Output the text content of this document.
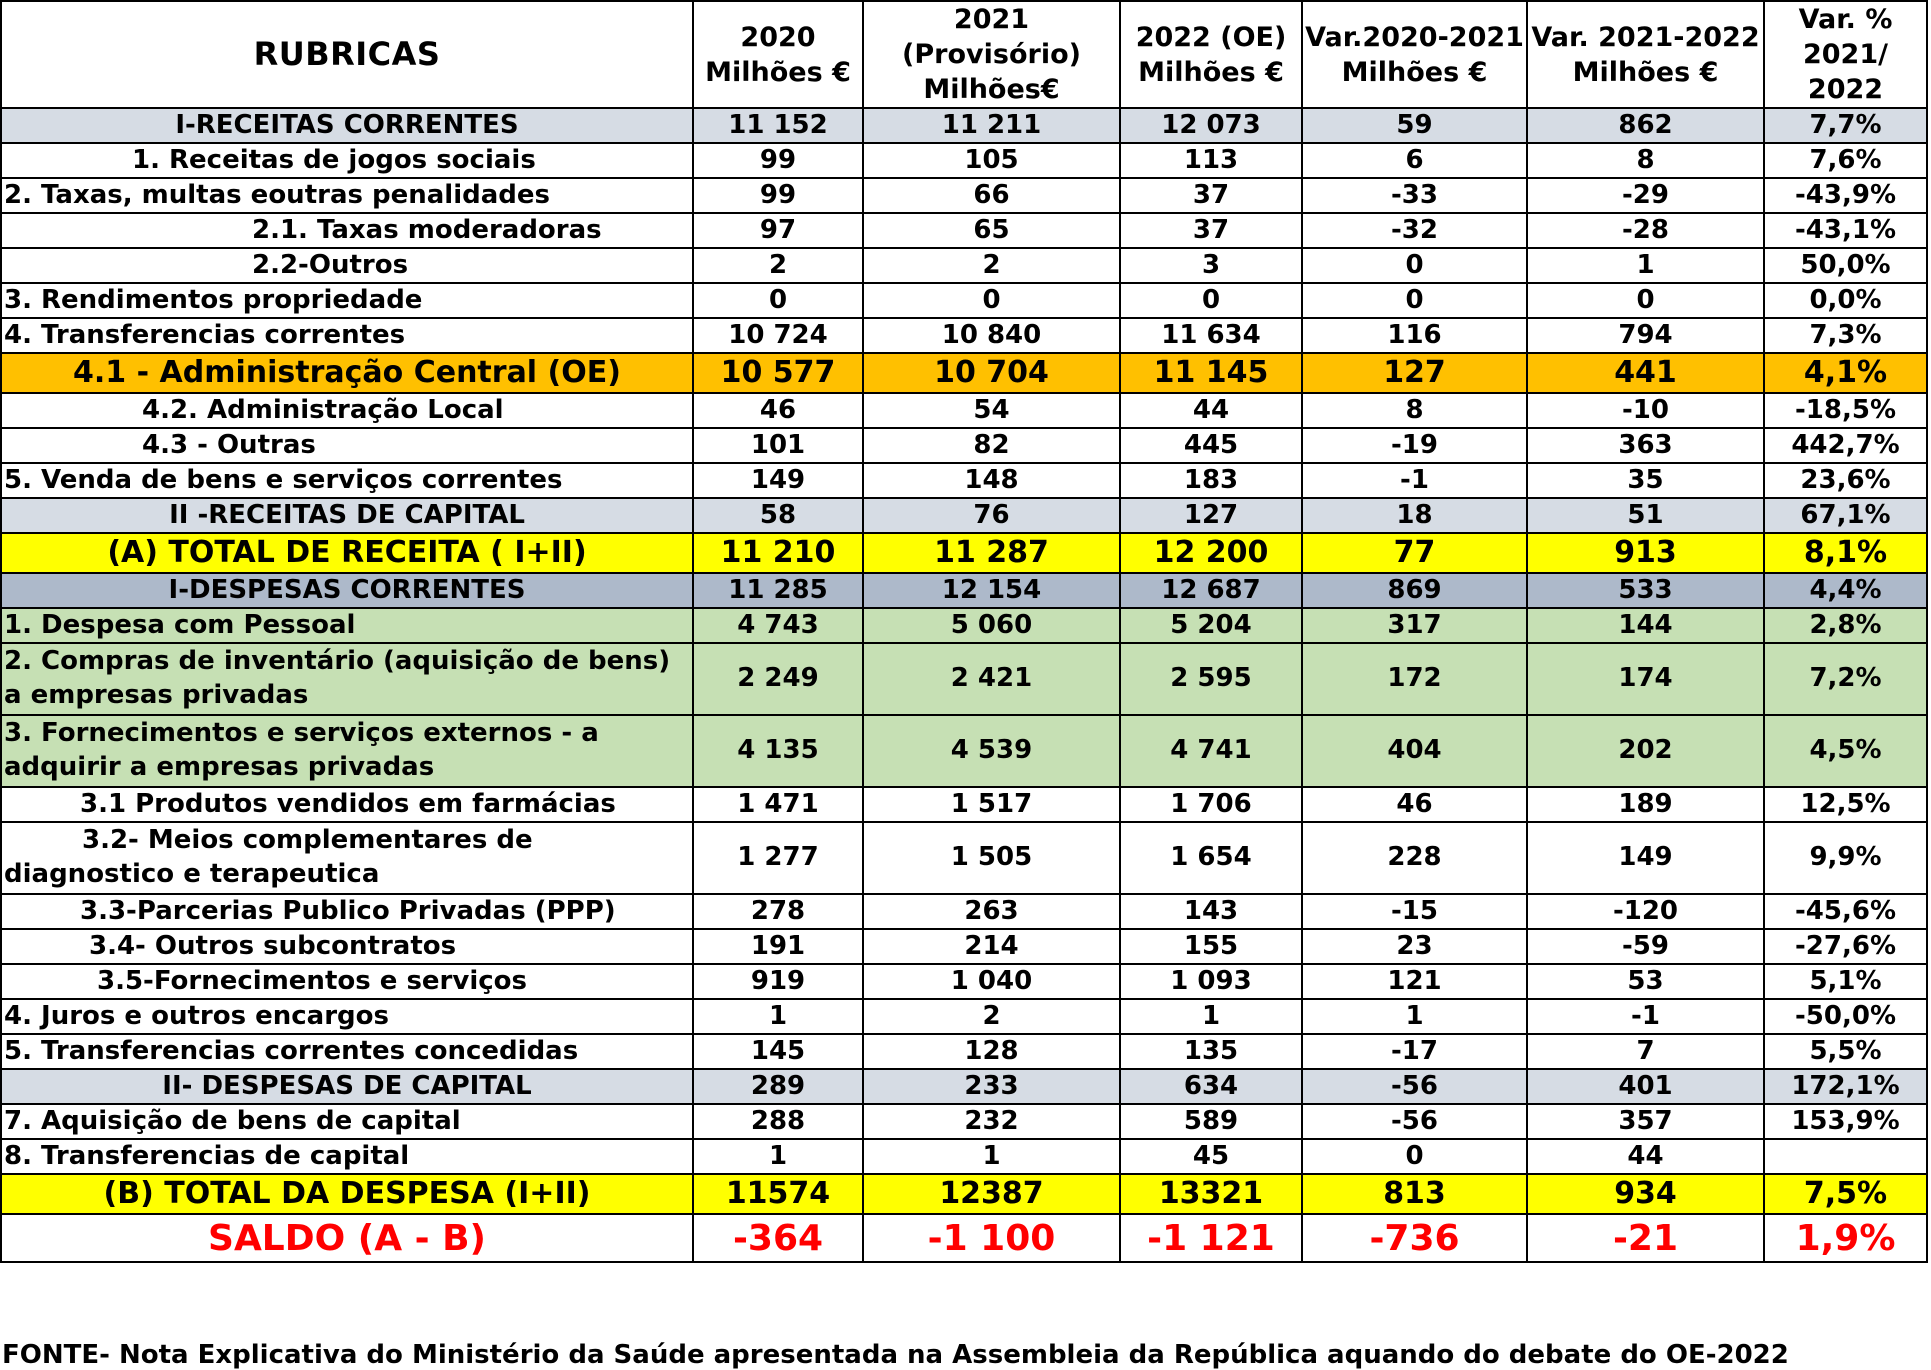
RUBRICAS	2020 Milhões €	2021 (Provisório) Milhões€	2022 (OE) Milhões €	Var.2020-2021 Milhões €	Var. 2021-2022 Milhões €	Var. % 2021/ 2022
I-RECEITAS CORRENTES	11 152	11 211	12 073	59	862	7,7%
1. Receitas de jogos sociais	99	105	113	6	8	7,6%
2. Taxas, multas eoutras penalidades	99	66	37	-33	-29	-43,9%
2.1. Taxas moderadoras	97	65	37	-32	-28	-43,1%
2.2-Outros	2	2	3	0	1	50,0%
3. Rendimentos propriedade	0	0	0	0	0	0,0%
4. Transferencias correntes	10 724	10 840	11 634	116	794	7,3%
4.1 - Administração Central (OE)	10 577	10 704	11 145	127	441	4,1%
4.2. Administração Local	46	54	44	8	-10	-18,5%
4.3 - Outras	101	82	445	-19	363	442,7%
5. Venda de bens e serviços correntes	149	148	183	-1	35	23,6%
II -RECEITAS DE CAPITAL	58	76	127	18	51	67,1%
(A) TOTAL DE RECEITA ( I+II)	11 210	11 287	12 200	77	913	8,1%
I-DESPESAS CORRENTES	11 285	12 154	12 687	869	533	4,4%
1. Despesa com Pessoal	4 743	5 060	5 204	317	144	2,8%
2. Compras de inventário (aquisição de bens) a empresas privadas	2 249	2 421	2 595	172	174	7,2%
3. Fornecimentos e serviços externos - a adquirir a empresas privadas	4 135	4 539	4 741	404	202	4,5%
3.1 Produtos vendidos em farmácias	1 471	1 517	1 706	46	189	12,5%
3.2- Meios complementares de diagnostico e terapeutica	1 277	1 505	1 654	228	149	9,9%
3.3-Parcerias Publico Privadas (PPP)	278	263	143	-15	-120	-45,6%
3.4- Outros subcontratos	191	214	155	23	-59	-27,6%
3.5-Fornecimentos e serviços	919	1 040	1 093	121	53	5,1%
4. Juros e outros encargos	1	2	1	1	-1	-50,0%
5. Transferencias correntes concedidas	145	128	135	-17	7	5,5%
II- DESPESAS DE CAPITAL	289	233	634	-56	401	172,1%
7. Aquisição de bens de capital	288	232	589	-56	357	153,9%
8. Transferencias de capital	1	1	45	0	44	
(B) TOTAL DA DESPESA (I+II)	11574	12387	13321	813	934	7,5%
SALDO (A - B)	-364	-1 100	-1 121	-736	-21	1,9%
FONTE- Nota Explicativa do Ministério da Saúde apresentada na Assembleia da República aquando do debate do OE-2022
